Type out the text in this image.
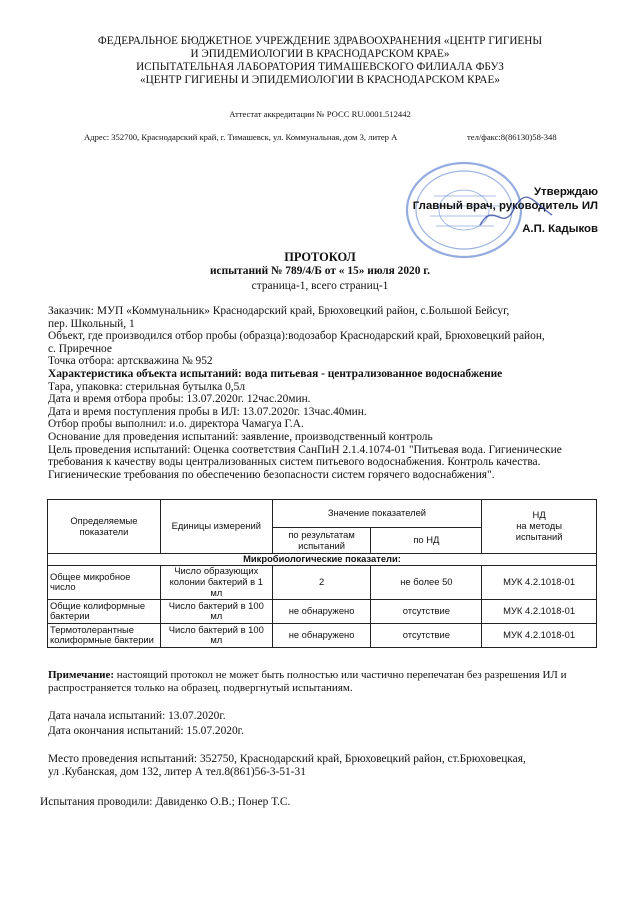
ФЕДЕРАЛЬНОЕ БЮДЖЕТНОЕ УЧРЕЖДЕНИЕ ЗДРАВООХРАНЕНИЯ «ЦЕНТР ГИГИЕНЫ
И ЭПИДЕМИОЛОГИИ В КРАСНОДАРСКОМ КРАЕ»
ИСПЫТАТЕЛЬНАЯ ЛАБОРАТОРИЯ ТИМАШЕВСКОГО ФИЛИАЛА ФБУЗ
«ЦЕНТР ГИГИЕНЫ И ЭПИДЕМИОЛОГИИ В КРАСНОДАРСКОМ КРАЕ»
Аттестат аккредитации № РОСС RU.0001.512442
Адрес: 352700, Краснодарский край, г. Тимашевск, ул. Коммунальная, дом 3, литер А	тел/факс:8(86130)58-348
Утверждаю
Главный врач, руководитель ИЛ
А.П. Кадыков
ПРОТОКОЛ
испытаний № 789/4/Б от « 15» июля 2020 г.
страница-1, всего страниц-1
Заказчик: МУП «Коммунальник» Краснодарский край, Брюховецкий район, с.Большой Бейсуг,
пер. Школьный, 1
Объект, где производился отбор пробы (образца):водозабор Краснодарский край, Брюховецкий район,
с. Приречное
Точка отбора: артскважина № 952
Характеристика объекта испытаний: вода питьевая - централизованное водоснабжение
Тара, упаковка: стерильная бутылка 0,5л
Дата и время отбора пробы: 13.07.2020г. 12час.20мин.
Дата и время поступления пробы в ИЛ: 13.07.2020г. 13час.40мин.
Отбор пробы выполнил: и.о. директора Чамагуа Г.А.
Основание для проведения испытаний: заявление, производственный контроль
Цель проведения испытаний: Оценка соответствия СанПиН 2.1.4.1074-01 "Питьевая вода. Гигиенические
требования к качеству воды централизованных систем питьевого водоснабжения. Контроль качества.
Гигиенические требования по обеспечению безопасности систем горячего водоснабжения".
Определяемые показатели	Единицы измерений	Значение показателей		НД
на методы
испытаний

		по результатам испытаний	по НД	
Микробиологические показатели:				
Общее микробное число	Число образующих колонии бактерий в 1 мл	2	не более 50	МУК 4.2.1018-01
Общие колиформные бактерии	Число бактерий в 100 мл	не обнаружено	отсутствие	МУК 4.2.1018-01
Термотолерантные колиформные бактерии	Число бактерий в 100 мл	не обнаружено	отсутствие	МУК 4.2.1018-01
Примечание: настоящий протокол не может быть полностью или частично перепечатан без разрешения ИЛ и
распространяется только на образец, подвергнутый испытаниям.
Дата начала испытаний: 13.07.2020г.
Дата окончания испытаний: 15.07.2020г.
Место проведения испытаний: 352750, Краснодарский край, Брюховецкий район, ст.Брюховецкая,
ул .Кубанская, дом 132, литер А тел.8(861)56-3-51-31
Испытания проводили: Давиденко О.В.; Понер Т.С.
